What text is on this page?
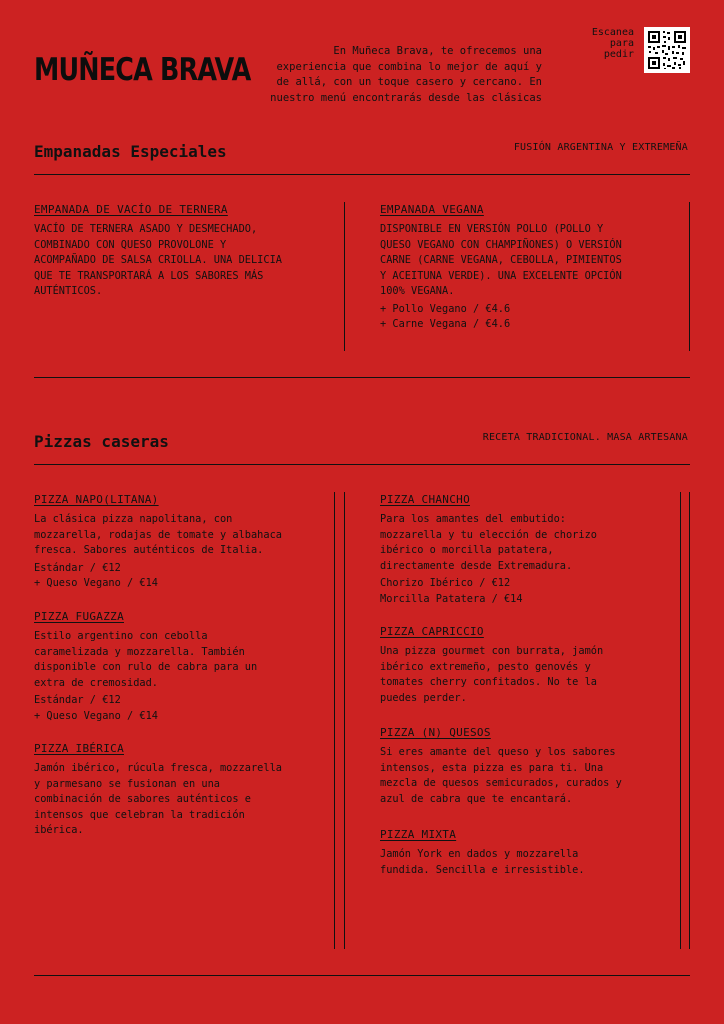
MUÑECA BRAVA
En Muñeca Brava, te ofrecemos una
experiencia que combina lo mejor de aquí y
de allá, con un toque casero y cercano. En
nuestro menú encontrarás desde las clásicas
Escanea
para
pedir
Empanadas Especiales	FUSIÓN ARGENTINA Y EXTREMEÑA
EMPANADA DE VACÍO DE TERNERA

VACÍO DE TERNERA ASADO Y DESMECHADO,
COMBINADO CON QUESO PROVOLONE Y
ACOMPAÑADO DE SALSA CRIOLLA. UNA DELICIA
QUE TE TRANSPORTARÁ A LOS SABORES MÁS
AUTÉNTICOS.

EMPANADA VEGANA

DISPONIBLE EN VERSIÓN POLLO (POLLO Y
QUESO VEGANO CON CHAMPIÑONES) O VERSIÓN
CARNE (CARNE VEGANA, CEBOLLA, PIMIENTOS
Y ACEITUNA VERDE). UNA EXCELENTE OPCIÓN
100% VEGANA.

+ Pollo Vegano / €4.6
+ Carne Vegana / €4.6
Pizzas caseras	RECETA TRADICIONAL. MASA ARTESANA
PIZZA NAPO(LITANA)

La clásica pizza napolitana, con
mozzarella, rodajas de tomate y albahaca
fresca. Sabores auténticos de Italia.

Estándar / €12
+ Queso Vegano / €14
PIZZA FUGAZZA

Estilo argentino con cebolla
caramelizada y mozzarella. También
disponible con rulo de cabra para un
extra de cremosidad.

Estándar / €12
+ Queso Vegano / €14
PIZZA IBÉRICA

Jamón ibérico, rúcula fresca, mozzarella
y parmesano se fusionan en una
combinación de sabores auténticos e
intensos que celebran la tradición
ibérica.

PIZZA CHANCHO

Para los amantes del embutido:
mozzarella y tu elección de chorizo
ibérico o morcilla patatera,
directamente desde Extremadura.

Chorizo Ibérico / €12
Morcilla Patatera / €14
PIZZA CAPRICCIO

Una pizza gourmet con burrata, jamón
ibérico extremeño, pesto genovés y
tomates cherry confitados. No te la
puedes perder.

PIZZA (N) QUESOS

Si eres amante del queso y los sabores
intensos, esta pizza es para ti. Una
mezcla de quesos semicurados, curados y
azul de cabra que te encantará.

PIZZA MIXTA

Jamón York en dados y mozzarella
fundida. Sencilla e irresistible.
